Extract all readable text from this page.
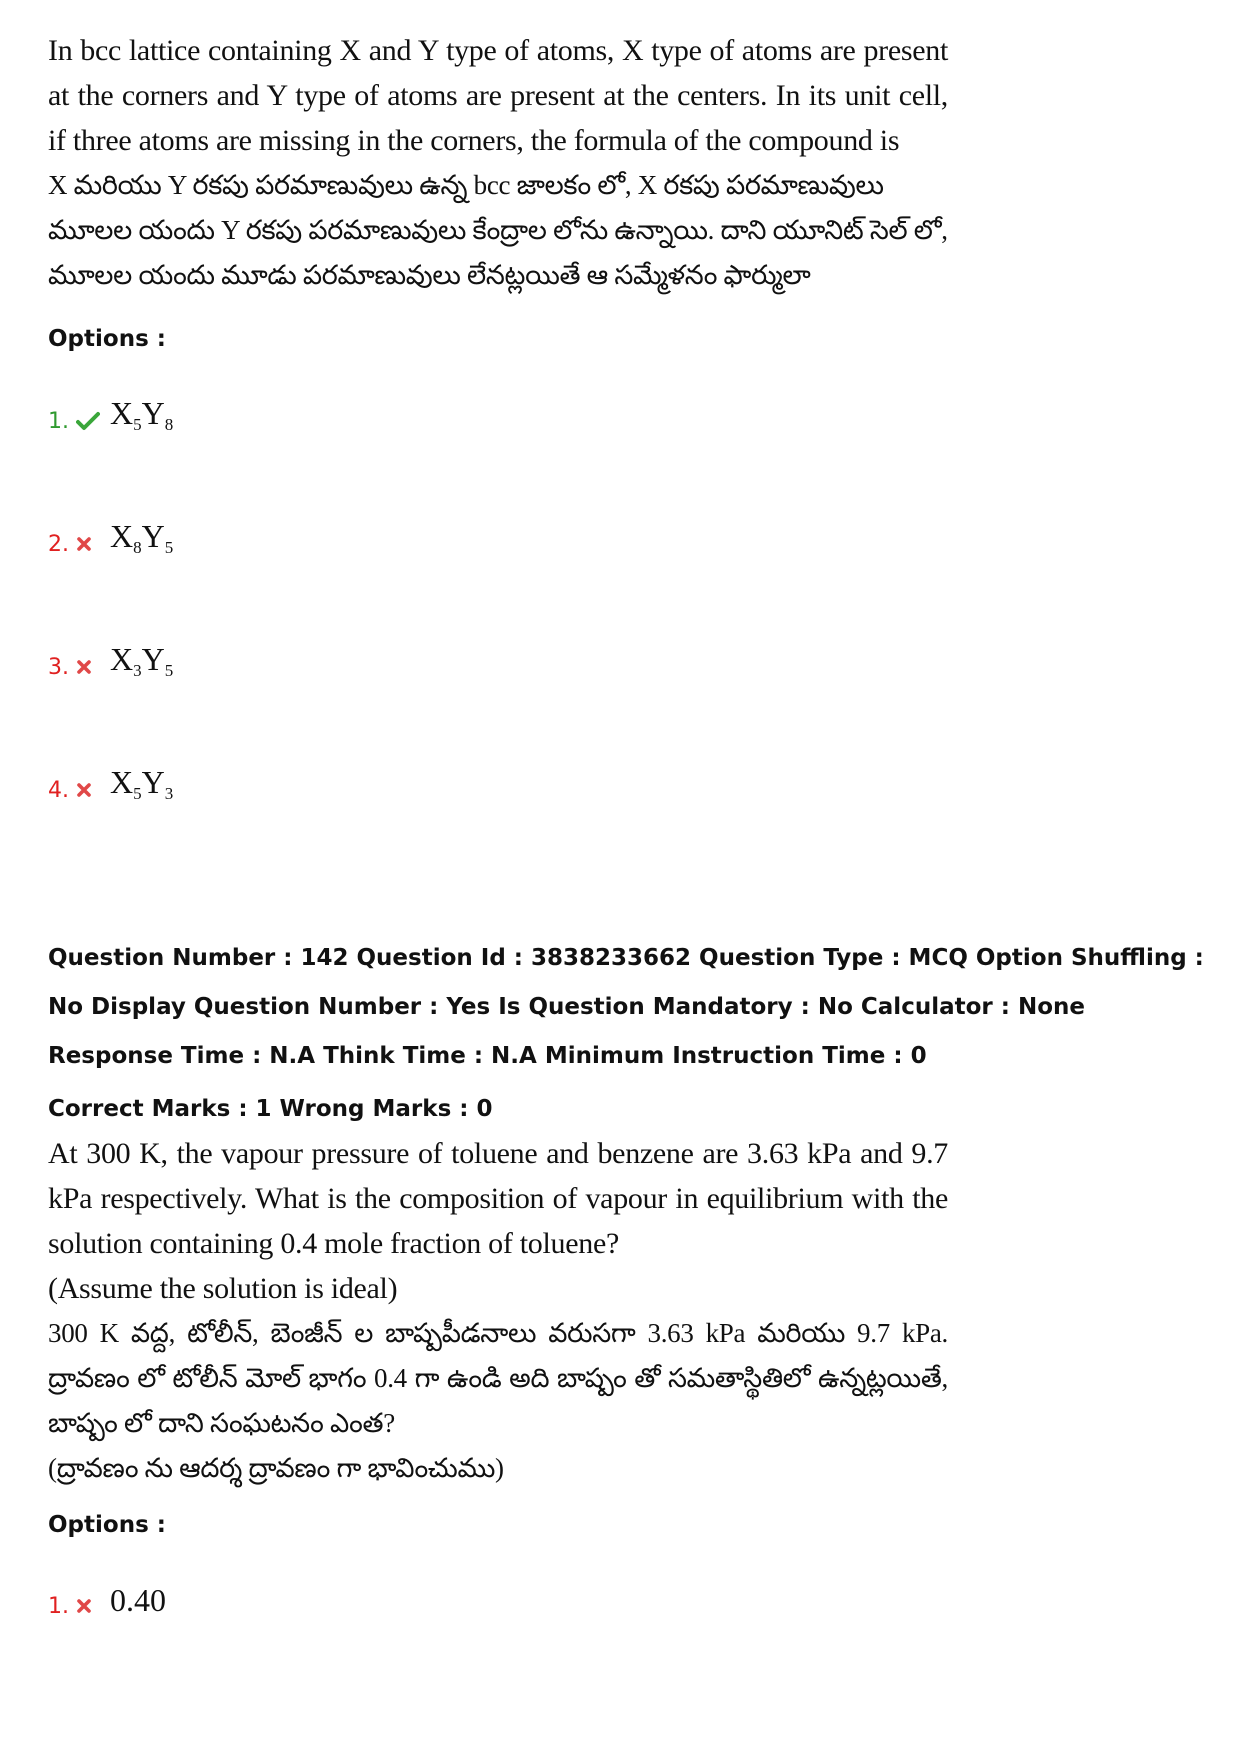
In bcc lattice containing X and Y type of atoms, X type of atoms are present at the corners and Y type of atoms are present at the centers. In its unit cell, if three atoms are missing in the corners, the formula of the compound is

X మరియు Y రకపు పరమాణువులు ఉన్న bcc జాలకం లో, X రకపు పరమాణువులు మూలల యందు Y రకపు పరమాణువులు కేంద్రాల లోను ఉన్నాయి. దాని యూనిట్ సెల్ లో, మూలల యందు మూడు పరమాణువులు లేనట్లయితే ఆ సమ్మేళనం ఫార్ములా

Options :
1. $X_5Y_8$
2. $X_8Y_5$
3. $X_3Y_5$
4. $X_5Y_3$
Question Number : 142 Question Id : 3838233662 Question Type : MCQ Option Shuffling : No Display Question Number : Yes Is Question Mandatory : No Calculator : None Response Time : N.A Think Time : N.A Minimum Instruction Time : 0
Correct Marks : 1 Wrong Marks : 0

At 300 K, the vapour pressure of toluene and benzene are 3.63 kPa and 9.7 kPa respectively. What is the composition of vapour in equilibrium with the solution containing 0.4 mole fraction of toluene?

(Assume the solution is ideal)

300 K వద్ద, టోలీన్, బెంజీన్ ల బాష్పపీడనాలు వరుసగా 3.63 kPa మరియు 9.7 kPa. ద్రావణం లో టోలీన్ మోల్ భాగం 0.4 గా ఉండి అది బాష్పం తో సమతాస్థితిలో ఉన్నట్లయితే, బాష్పం లో దాని సంఘటనం ఎంత?

(ద్రావణం ను ఆదర్శ ద్రావణం గా భావించుము)

Options :
1. 0.40
